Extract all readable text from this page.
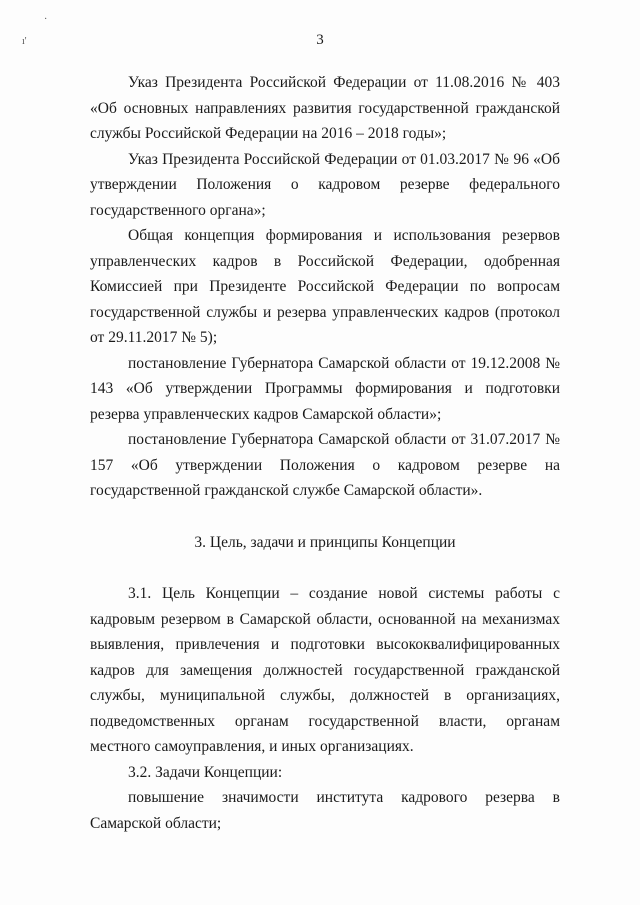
·
ı'	3

Указ Президента Российской Федерации от 11.08.2016 № 403 «Об основных направлениях развития государственной гражданской службы Российской Федерации на 2016 – 2018 годы»;

Указ Президента Российской Федерации от 01.03.2017 № 96 «Об утверждении Положения о кадровом резерве федерального государственного органа»;

Общая концепция формирования и использования резервов управленческих кадров в Российской Федерации, одобренная Комиссией при Президенте Российской Федерации по вопросам государственной службы и резерва управленческих кадров (протокол от 29.11.2017 № 5);

постановление Губернатора Самарской области от 19.12.2008 № 143 «Об утверждении Программы формирования и подготовки резерва управленческих кадров Самарской области»;

постановление Губернатора Самарской области от 31.07.2017 № 157 «Об утверждении Положения о кадровом резерве на государственной гражданской службе Самарской области».

3. Цель, задачи и принципы Концепции

3.1. Цель Концепции – создание новой системы работы с кадровым резервом в Самарской области, основанной на механизмах выявления, привлечения и подготовки высококвалифицированных кадров для замещения должностей государственной гражданской службы, муниципальной службы, должностей в организациях, подведомственных органам государственной власти, органам местного самоуправления, и иных организациях.

3.2. Задачи Концепции:

повышение значимости института кадрового резерва в Самарской области;
